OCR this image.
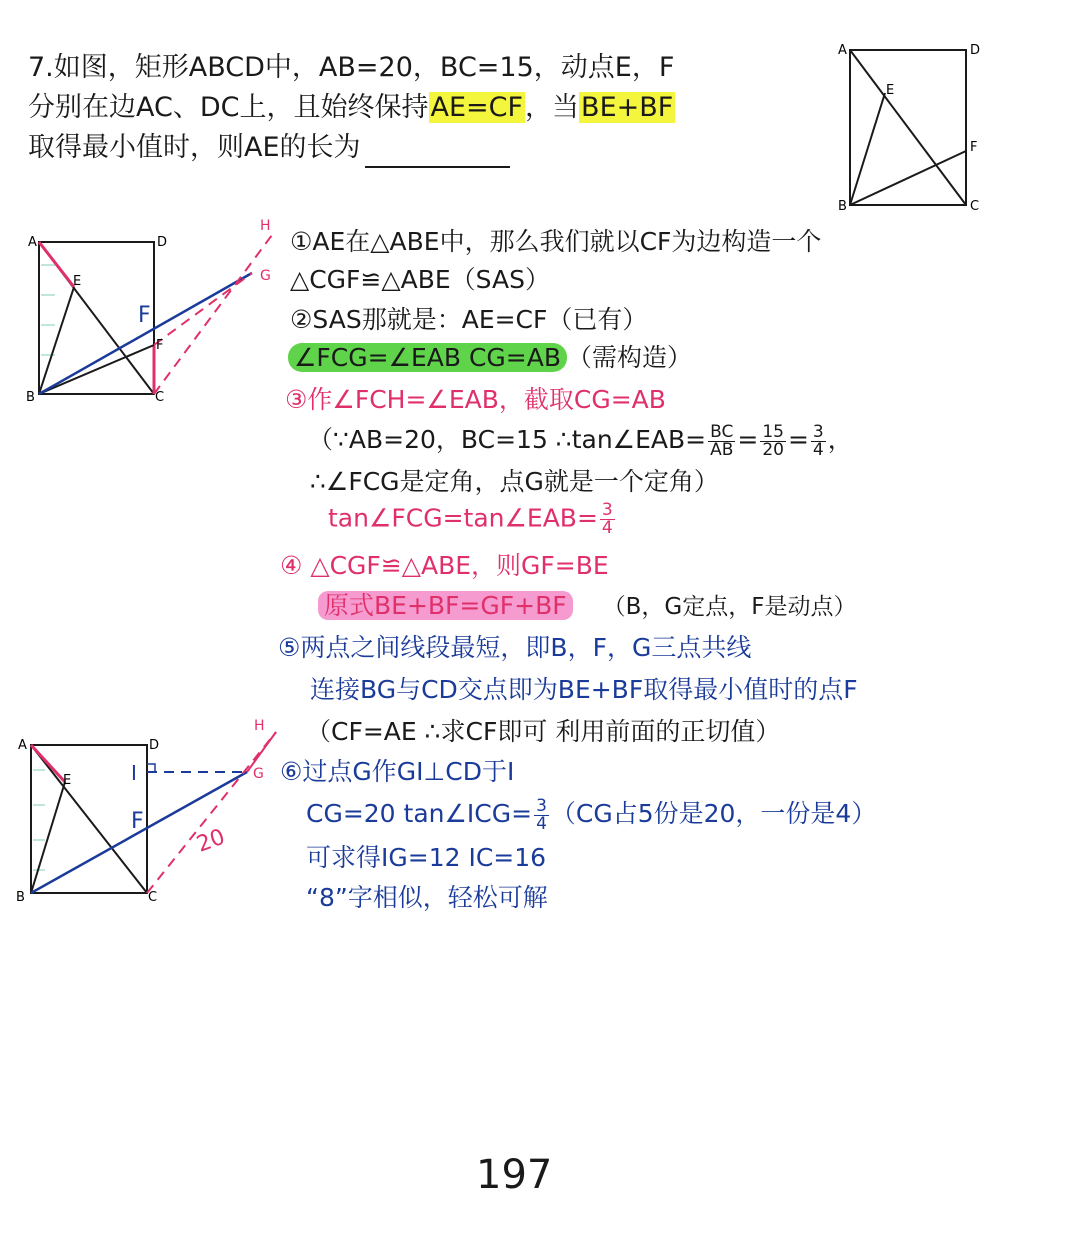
7.如图，矩形ABCD中，AB=20，BC=15，动点E，F
分别在边AC、DC上，且始终保持AE=CF，当BE+BF
取得最小值时，则AE的长为
A	D
B	C
E
F
A	D
B	C
E
F
F
G
H
A	D
B	C
E
F
I	G
H
20
①AE在△ABE中，那么我们就以CF为边构造一个
△CGF≌△ABE（SAS）
②SAS那就是：AE=CF（已有）
∠FCG=∠EAB CG=AB （需构造）
③作∠FCH=∠EAB，截取CG=AB
（∵AB=20，BC=15 ∴tan∠EAB= $\frac{BC}{AB} = \frac{15}{20} = \frac{3}{4}$ ，
∴∠FCG是定角，点G就是一个定角）
tan∠FCG=tan∠EAB= $\frac{3}{4}$
④ △CGF≌△ABE，则GF=BE
原式BE+BF=GF+BF （B，G定点，F是动点）
⑤两点之间线段最短，即B，F，G三点共线
连接BG与CD交点即为BE+BF取得最小值时的点F
（CF=AE ∴求CF即可 利用前面的正切值）
⑥过点G作GI⊥CD于I
CG=20 tan∠ICG= $\frac{3}{4} (CG$占5份是20，一份是4）
可求得IG=12 IC=16
“8”字相似，轻松可解
197
